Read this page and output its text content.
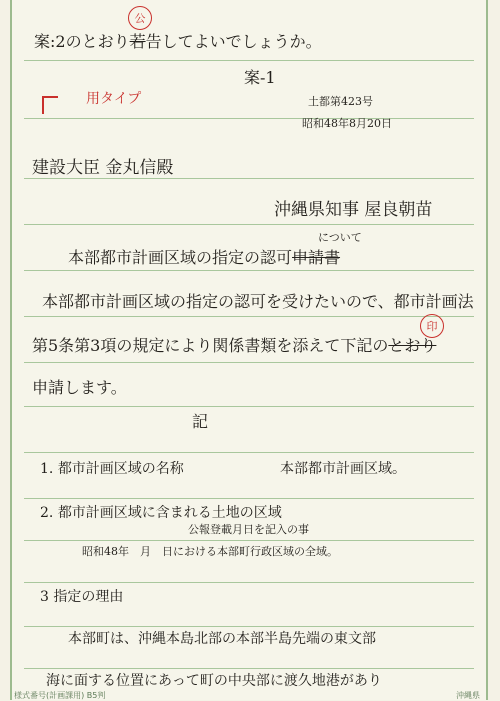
案:2のとおり若告してよいでしょうか。
公
用タイプ
案-1
土都第423号
昭和48年8月20日
建設大臣 金丸信殿
沖縄県知事 屋良朝苗
本部都市計画区域の指定の認可申請書
について
本部都市計画区域の指定の認可を受けたいので、都市計画法
第5条第3項の規定により関係書類を添えて下記のとおり
印
申請します。
記
1. 都市計画区域の名称	本部都市計画区域。
2. 都市計画区域に含まれる土地の区域
公報登載月日を記入の事
昭和48年　月　日における本部町行政区域の全域。
3 指定の理由
本部町は、沖縄本島北部の本部半島先端の東文部
海に面する位置にあって町の中央部に渡久地港があり
様式番号(計画課用) B5判	沖縄県
